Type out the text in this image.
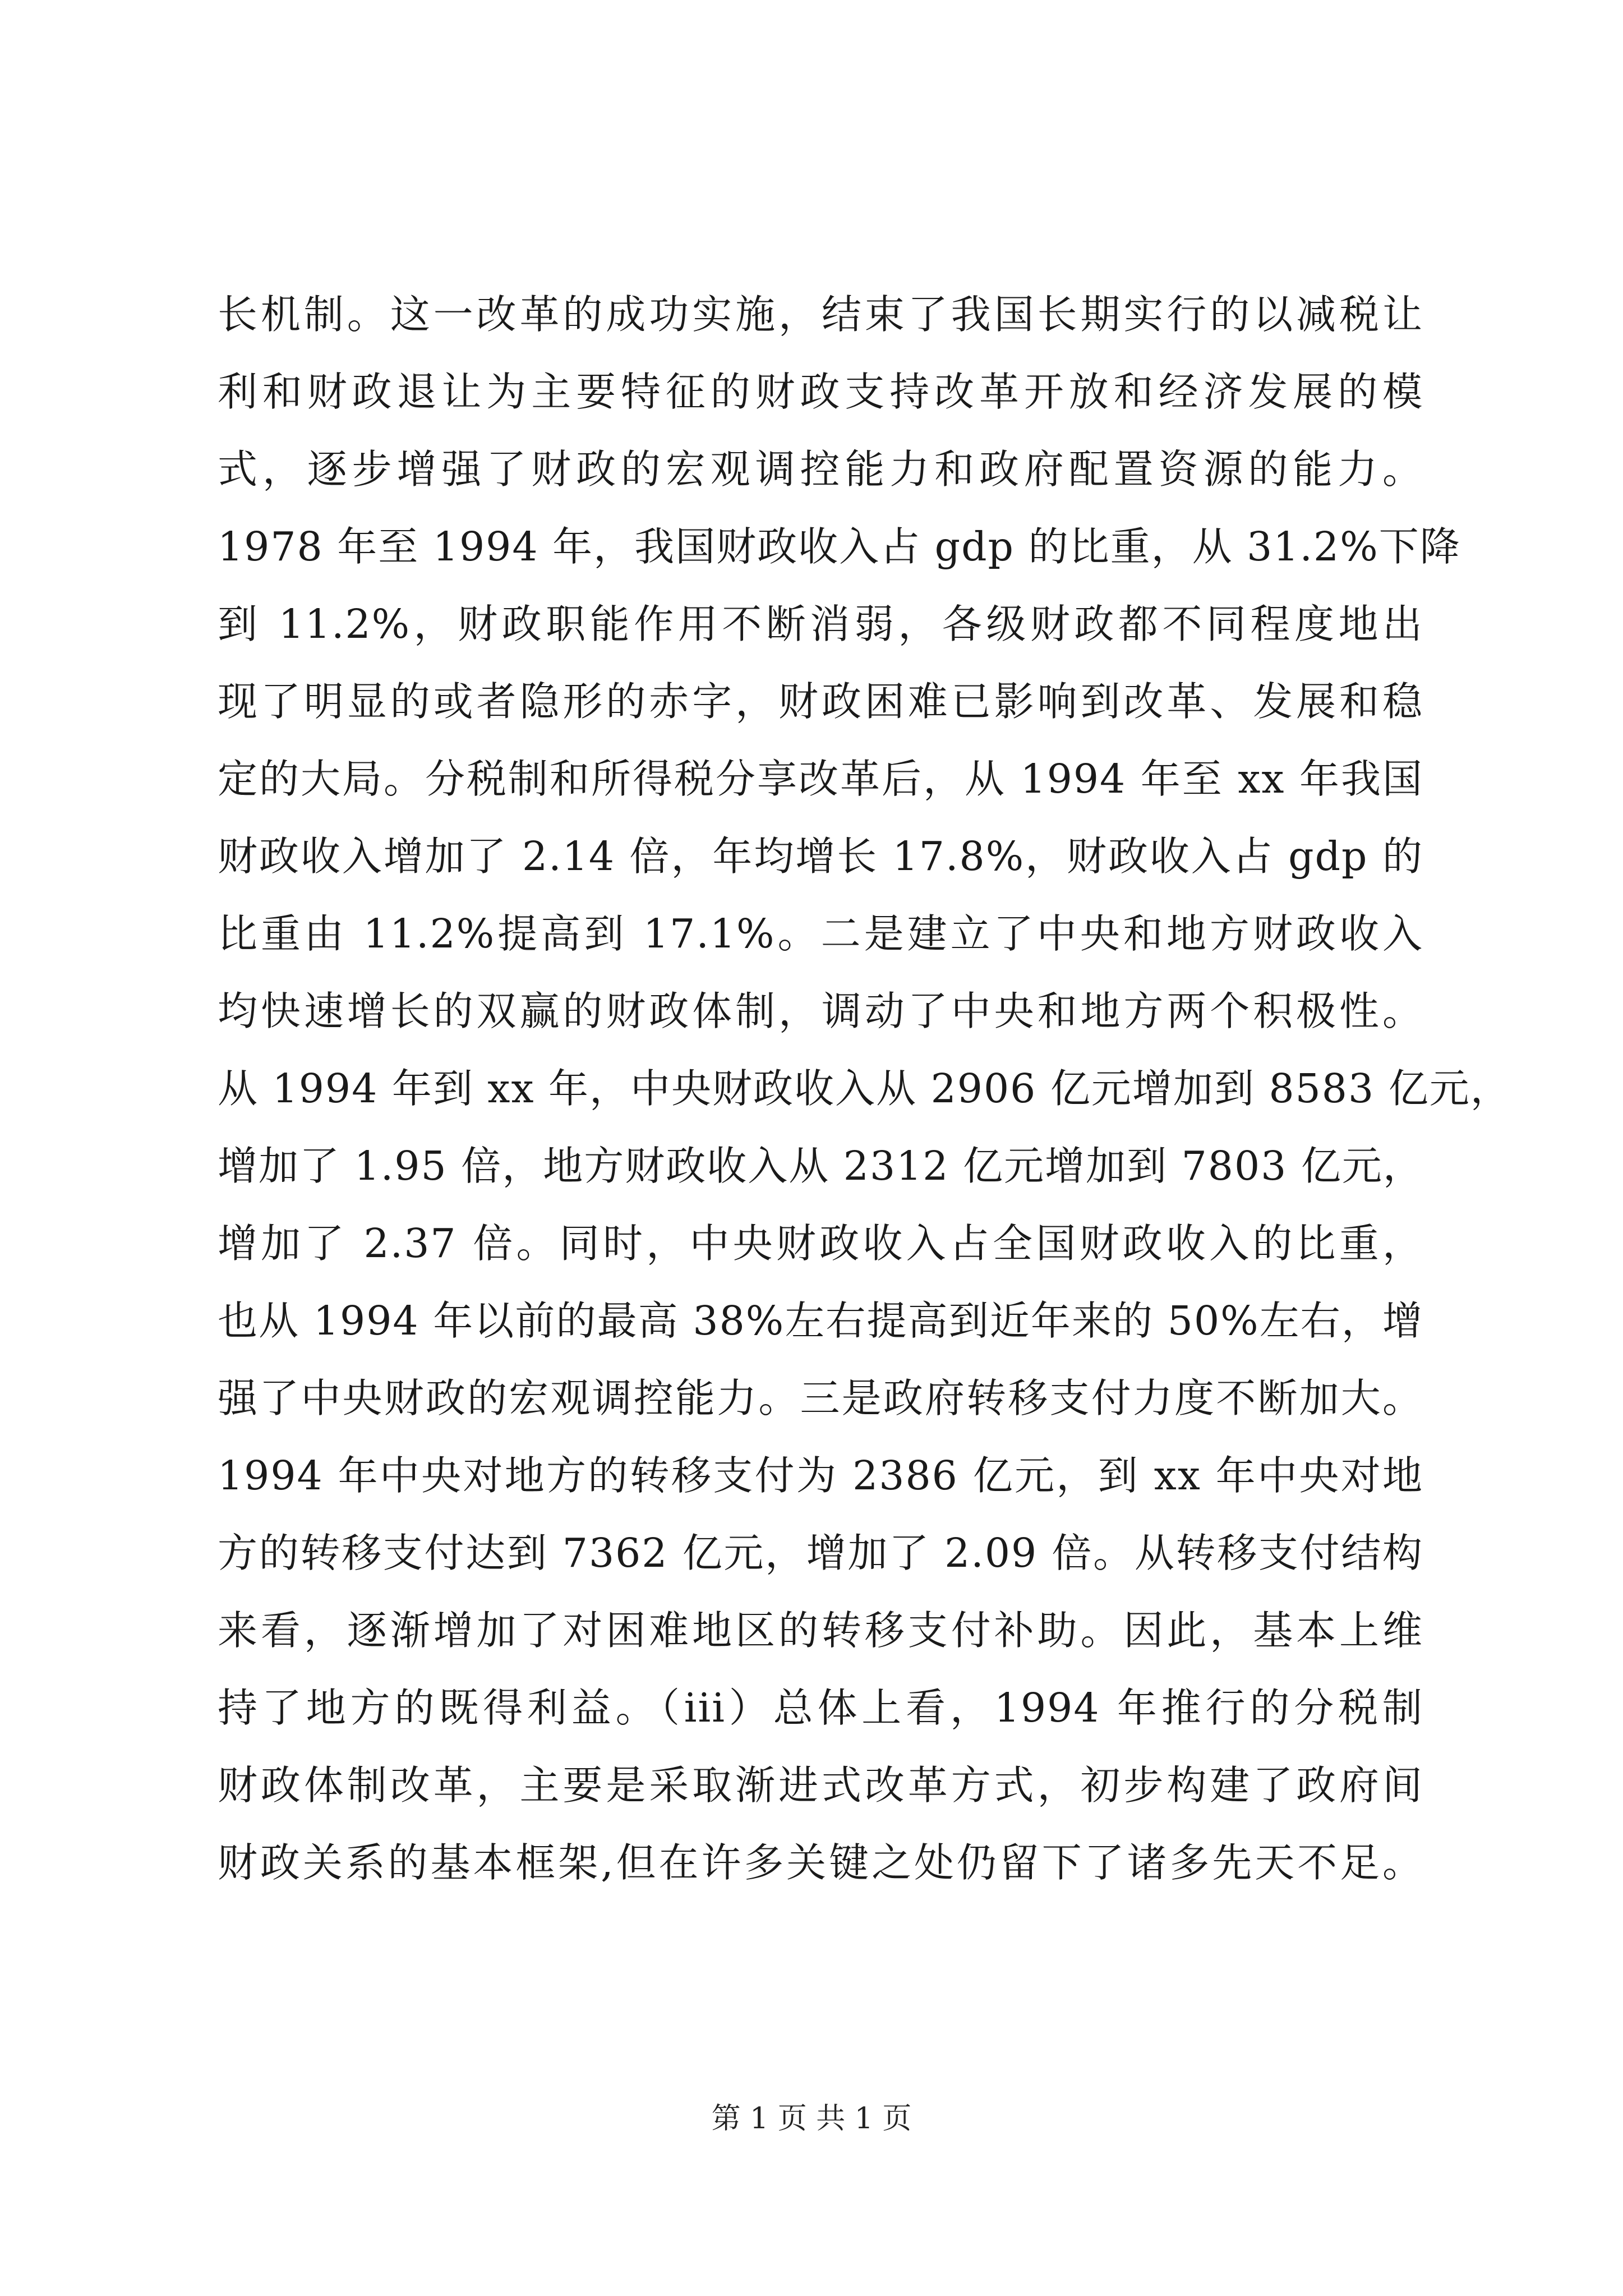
长机制。这一改革的成功实施，结束了我国长期实行的以减税让
利和财政退让为主要特征的财政支持改革开放和经济发展的模
式，逐步增强了财政的宏观调控能力和政府配置资源的能力。
1978 年至 1994 年，我国财政收入占 gdp 的比重，从 31.2%下降
到 11.2%，财政职能作用不断消弱，各级财政都不同程度地出
现了明显的或者隐形的赤字，财政困难已影响到改革、发展和稳
定的大局。分税制和所得税分享改革后，从 1994 年至 xx 年我国
财政收入增加了 2.14 倍，年均增长 17.8%，财政收入占 gdp 的
比重由 11.2%提高到 17.1%。二是建立了中央和地方财政收入
均快速增长的双赢的财政体制，调动了中央和地方两个积极性。
从 1994 年到 xx 年，中央财政收入从 2906 亿元增加到 8583 亿元，
增加了 1.95 倍，地方财政收入从 2312 亿元增加到 7803 亿元，
增加了 2.37 倍。同时，中央财政收入占全国财政收入的比重，
也从 1994 年以前的最高 38%左右提高到近年来的 50%左右，增
强了中央财政的宏观调控能力。三是政府转移支付力度不断加大。
1994 年中央对地方的转移支付为 2386 亿元，到 xx 年中央对地
方的转移支付达到 7362 亿元，增加了 2.09 倍。从转移支付结构
来看，逐渐增加了对困难地区的转移支付补助。因此，基本上维
持了地方的既得利益。（iii）总体上看，1994 年推行的分税制
财政体制改革，主要是采取渐进式改革方式，初步构建了政府间
财政关系的基本框架,但在许多关键之处仍留下了诸多先天不足。
第 1 页 共 1 页
